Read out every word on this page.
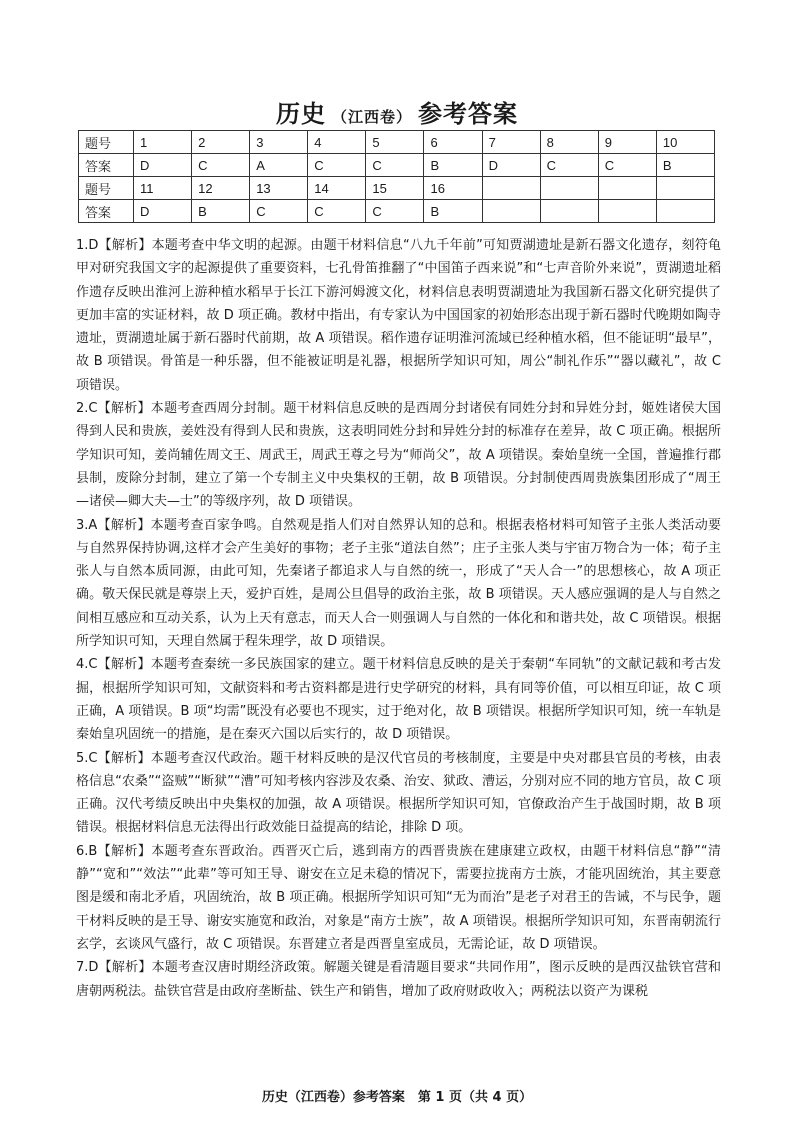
历史 （江西卷） 参考答案
题号	1	2	3	4	5	6	7	8	9	10
答案	D	C	A	C	C	B	D	C	C	B
题号	11	12	13	14	15	16				
答案	D	B	C	C	C	B				

1.D【解析】本题考查中华文明的起源。由题干材料信息“八九千年前”可知贾湖遗址是新石器文化遗存，刻符龟甲对研究我国文字的起源提供了重要资料，七孔骨笛推翻了“中国笛子西来说”和“七声音阶外来说”，贾湖遗址稻作遗存反映出淮河上游种植水稻早于长江下游河姆渡文化，材料信息表明贾湖遗址为我国新石器文化研究提供了更加丰富的实证材料，故 D 项正确。教材中指出，有专家认为中国国家的初始形态出现于新石器时代晚期如陶寺遗址，贾湖遗址属于新石器时代前期，故 A 项错误。稻作遗存证明淮河流域已经种植水稻，但不能证明“最早”，故 B 项错误。骨笛是一种乐器，但不能被证明是礼器，根据所学知识可知，周公“制礼作乐”“器以藏礼”，故 C 项错误。

2.C【解析】本题考查西周分封制。题干材料信息反映的是西周分封诸侯有同姓分封和异姓分封，姬姓诸侯大国得到人民和贵族，姜姓没有得到人民和贵族，这表明同姓分封和异姓分封的标准存在差异，故 C 项正确。根据所学知识可知，姜尚辅佐周文王、周武王，周武王尊之号为“师尚父”，故 A 项错误。秦始皇统一全国，普遍推行郡县制，废除分封制，建立了第一个专制主义中央集权的王朝，故 B 项错误。分封制使西周贵族集团形成了“周王—诸侯—卿大夫—士”的等级序列，故 D 项错误。

3.A【解析】本题考查百家争鸣。自然观是指人们对自然界认知的总和。根据表格材料可知管子主张人类活动要与自然界保持协调,这样才会产生美好的事物；老子主张“道法自然”；庄子主张人类与宇宙万物合为一体；荀子主张人与自然本质同源，由此可知，先秦诸子都追求人与自然的统一，形成了“天人合一”的思想核心，故 A 项正确。敬天保民就是尊崇上天，爱护百姓，是周公旦倡导的政治主张，故 B 项错误。天人感应强调的是人与自然之间相互感应和互动关系，认为上天有意志，而天人合一则强调人与自然的一体化和和谐共处，故 C 项错误。根据所学知识可知，天理自然属于程朱理学，故 D 项错误。

4.C【解析】本题考查秦统一多民族国家的建立。题干材料信息反映的是关于秦朝“车同轨”的文献记载和考古发掘，根据所学知识可知，文献资料和考古资料都是进行史学研究的材料，具有同等价值，可以相互印证，故 C 项正确，A 项错误。B 项“均需”既没有必要也不现实，过于绝对化，故 B 项错误。根据所学知识可知，统一车轨是秦始皇巩固统一的措施，是在秦灭六国以后实行的，故 D 项错误。

5.C【解析】本题考查汉代政治。题干材料反映的是汉代官员的考核制度，主要是中央对郡县官员的考核，由表格信息“农桑”“盗贼”“断狱”“漕”可知考核内容涉及农桑、治安、狱政、漕运，分别对应不同的地方官员，故 C 项正确。汉代考绩反映出中央集权的加强，故 A 项错误。根据所学知识可知，官僚政治产生于战国时期，故 B 项错误。根据材料信息无法得出行政效能日益提高的结论，排除 D 项。

6.B【解析】本题考查东晋政治。西晋灭亡后，逃到南方的西晋贵族在建康建立政权，由题干材料信息“静”“清静”“宽和”“效法”“此辈”等可知王导、谢安在立足未稳的情况下，需要拉拢南方士族，才能巩固统治，其主要意图是缓和南北矛盾，巩固统治，故 B 项正确。根据所学知识可知“无为而治”是老子对君王的告诫，不与民争，题干材料反映的是王导、谢安实施宽和政治，对象是“南方士族”，故 A 项错误。根据所学知识可知，东晋南朝流行玄学，玄谈风气盛行，故 C 项错误。东晋建立者是西晋皇室成员，无需论证，故 D 项错误。

7.D【解析】本题考查汉唐时期经济政策。解题关键是看清题目要求“共同作用”，图示反映的是西汉盐铁官营和唐朝两税法。盐铁官营是由政府垄断盐、铁生产和销售，增加了政府财政收入；两税法以资产为课税

历史（江西卷）参考答案　第 1 页（共 4 页）
